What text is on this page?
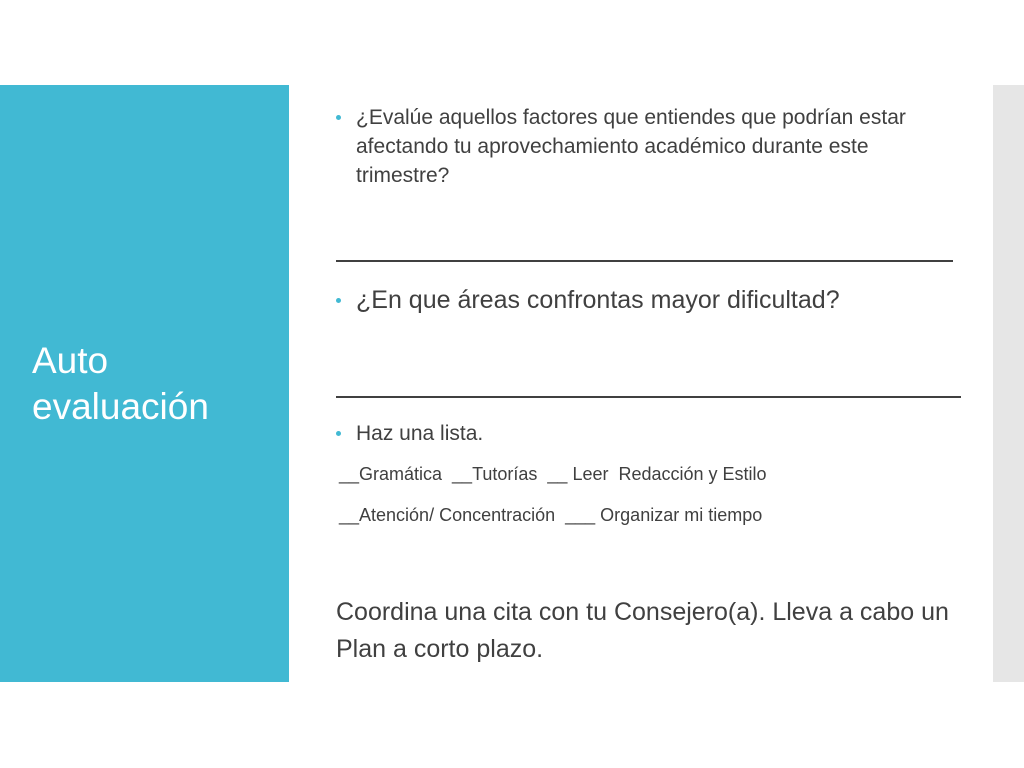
Auto evaluación

¿Evalúe aquellos factores que entiendes que podrían estar afectando tu aprovechamiento académico durante este trimestre?

¿En que áreas confrontas mayor dificultad?

Haz una lista.

__Gramática  __Tutorías  __ Leer  Redacción y Estilo

__Atención/ Concentración  ___ Organizar mi tiempo

Coordina una cita con tu Consejero(a). Lleva a cabo un Plan a corto plazo.
